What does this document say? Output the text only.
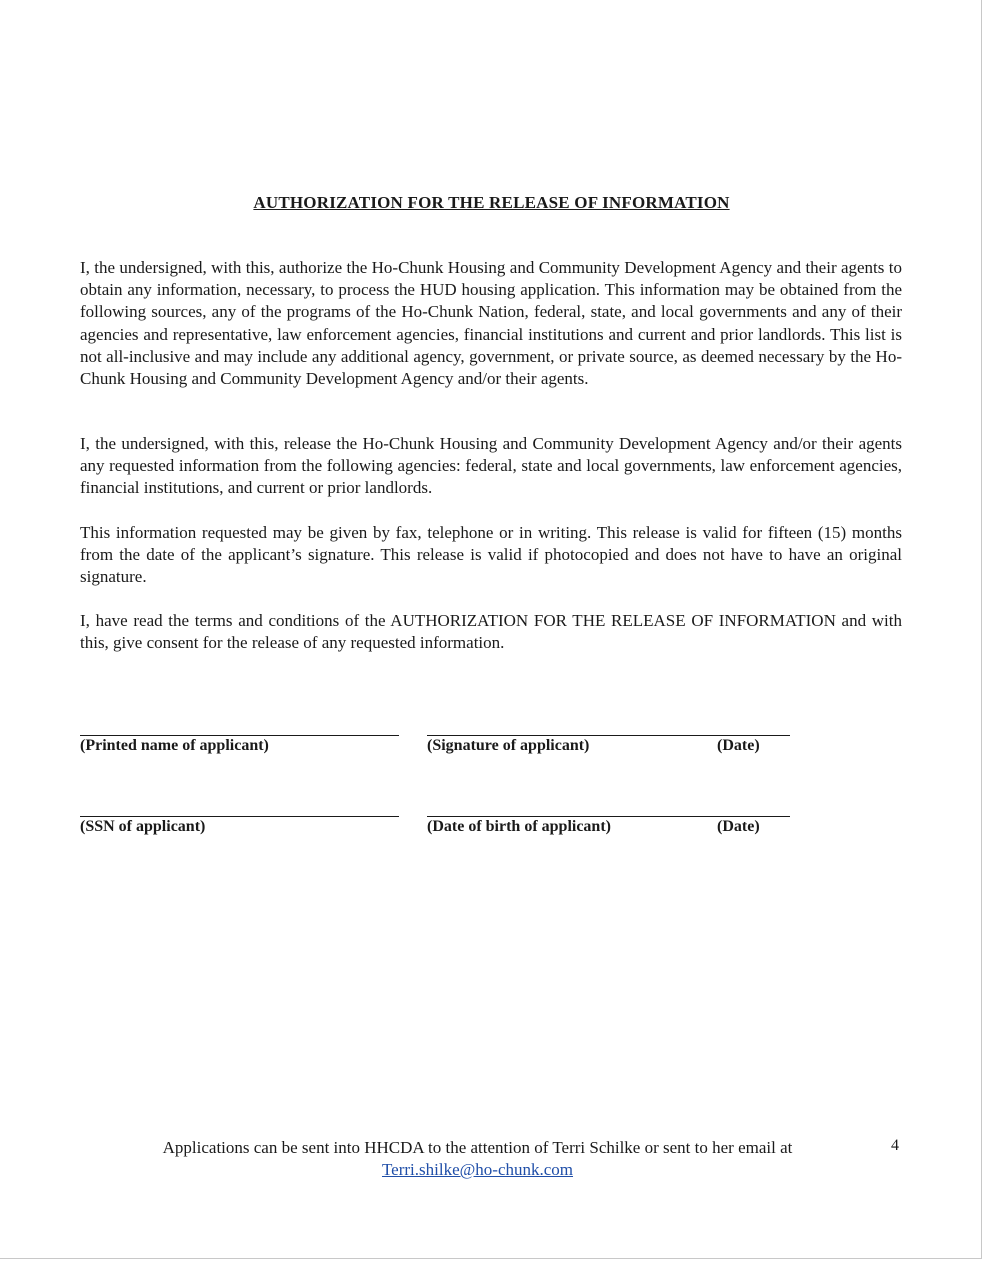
AUTHORIZATION FOR THE RELEASE OF INFORMATION

I, the undersigned, with this, authorize the Ho-Chunk Housing and Community Development Agency and their agents to obtain any information, necessary, to process the HUD housing application. This information may be obtained from the following sources, any of the programs of the Ho-Chunk Nation, federal, state, and local governments and any of their agencies and representative, law enforcement agencies, financial institutions and current and prior landlords. This list is not all-inclusive and may include any additional agency, government, or private source, as deemed necessary by the Ho-Chunk Housing and Community Development Agency and/or their agents.

I, the undersigned, with this, release the Ho-Chunk Housing and Community Development Agency and/or their agents any requested information from the following agencies: federal, state and local governments, law enforcement agencies, financial institutions, and current or prior landlords.

This information requested may be given by fax, telephone or in writing. This release is valid for fifteen (15) months from the date of the applicant’s signature. This release is valid if photocopied and does not have to have an original signature.

I, have read the terms and conditions of the AUTHORIZATION FOR THE RELEASE OF INFORMATION and with this, give consent for the release of any requested information.

(Printed name of applicant)	(Signature of applicant)	(Date)
(SSN of applicant)	(Date of birth of applicant)	(Date)
Applications can be sent into HHCDA to the attention of Terri Schilke or sent to her email at
Terri.shilke@ho-chunk.com
4
